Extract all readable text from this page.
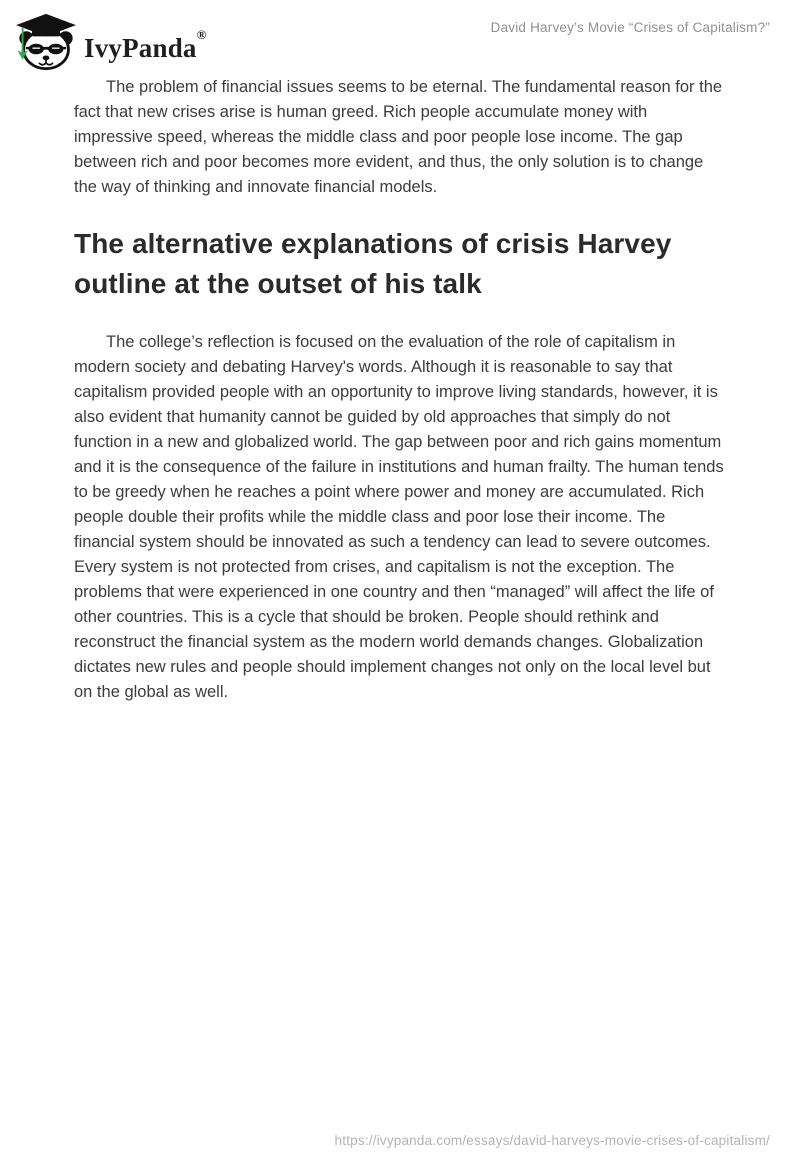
IvyPanda®	David Harvey’s Movie “Crises of Capitalism?”

The problem of financial issues seems to be eternal. The fundamental reason for the fact that new crises arise is human greed. Rich people accumulate money with impressive speed, whereas the middle class and poor people lose income. The gap between rich and poor becomes more evident, and thus, the only solution is to change the way of thinking and innovate financial models.

The alternative explanations of crisis Harvey outline at the outset of his talk

The college’s reflection is focused on the evaluation of the role of capitalism in modern society and debating Harvey's words. Although it is reasonable to say that capitalism provided people with an opportunity to improve living standards, however, it is also evident that humanity cannot be guided by old approaches that simply do not function in a new and globalized world. The gap between poor and rich gains momentum and it is the consequence of the failure in institutions and human frailty. The human tends to be greedy when he reaches a point where power and money are accumulated. Rich people double their profits while the middle class and poor lose their income. The financial system should be innovated as such a tendency can lead to severe outcomes. Every system is not protected from crises, and capitalism is not the exception. The problems that were experienced in one country and then “managed” will affect the life of other countries. This is a cycle that should be broken. People should rethink and reconstruct the financial system as the modern world demands changes. Globalization dictates new rules and people should implement changes not only on the local level but on the global as well.

https://ivypanda.com/essays/david-harveys-movie-crises-of-capitalism/
